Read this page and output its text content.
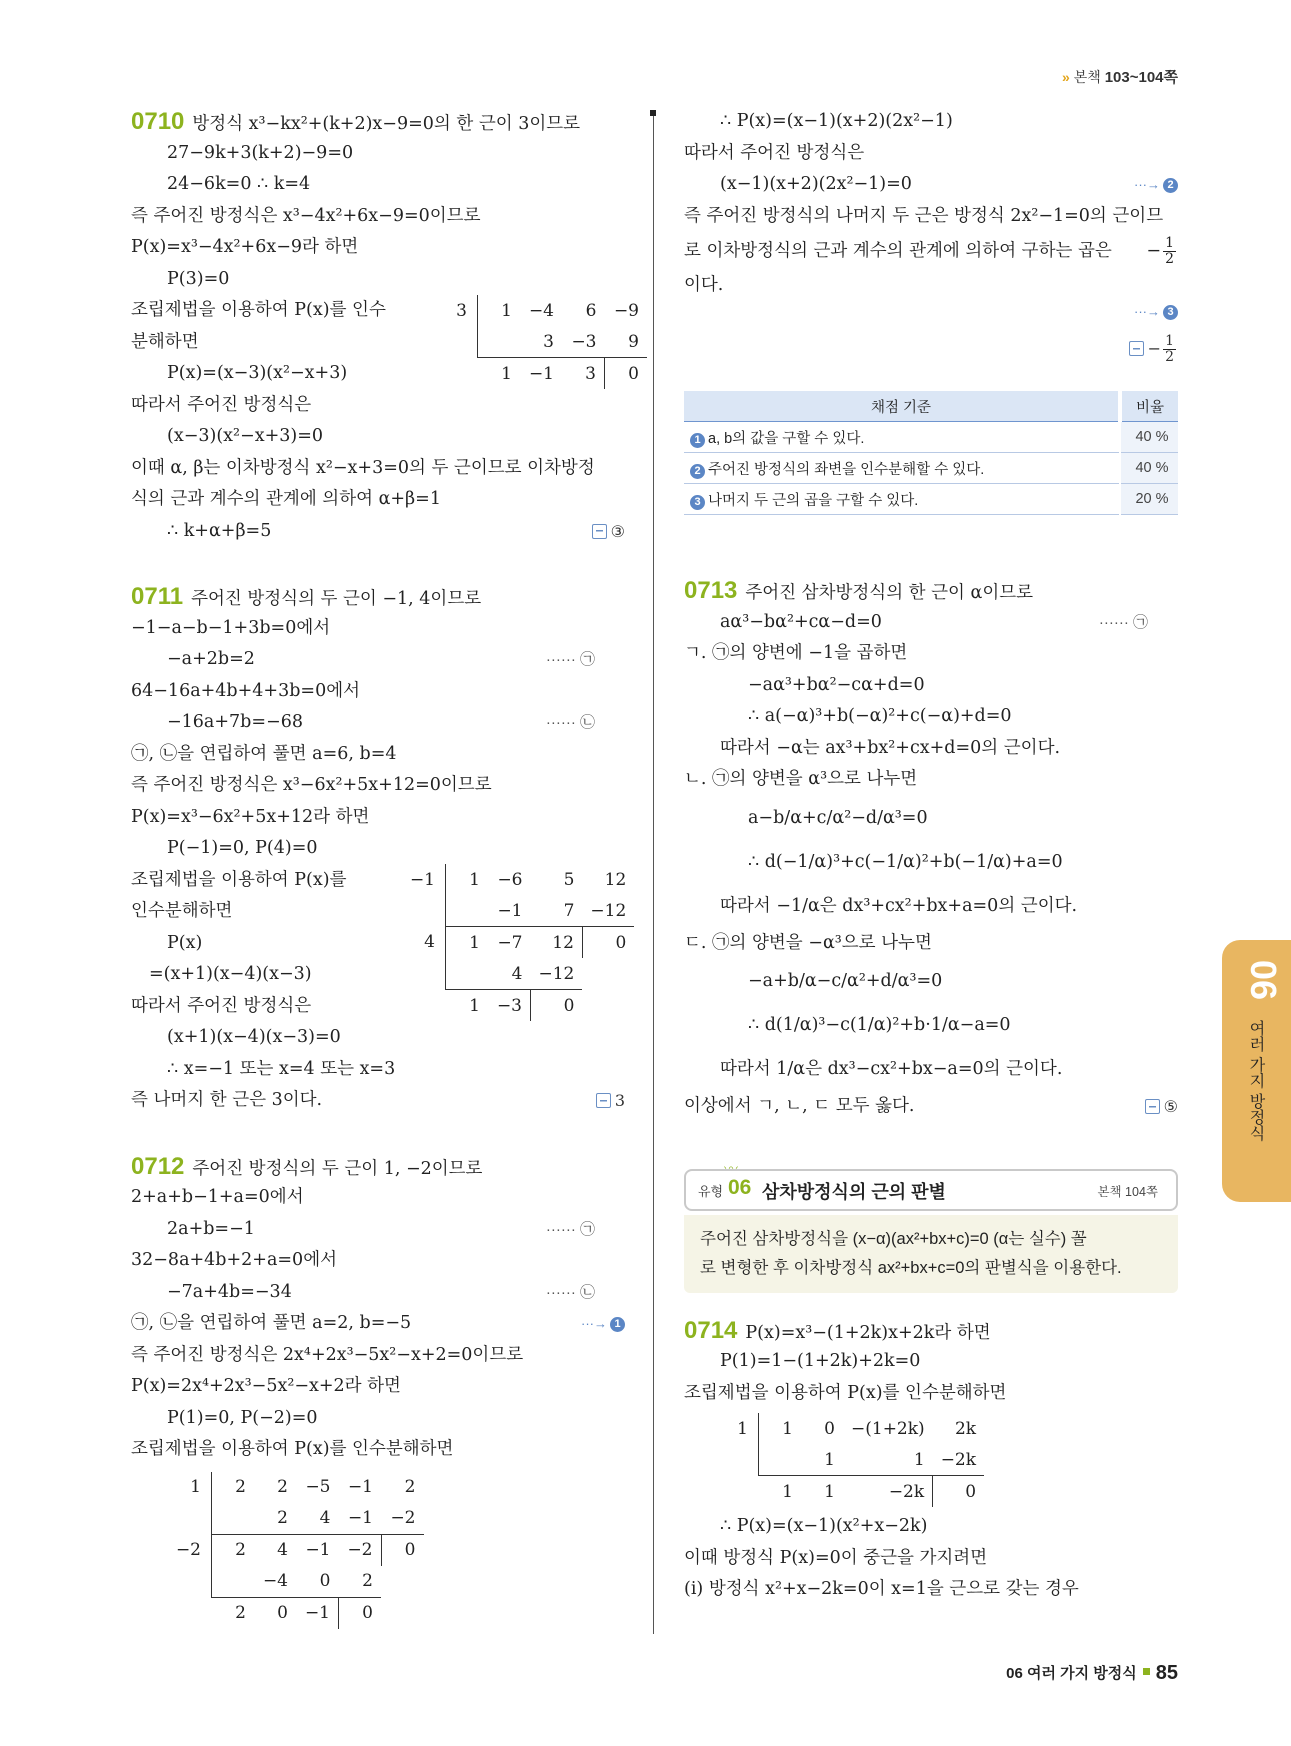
» 본책 103~104쪽
0710 방정식 x³−kx²+(k+2)x−9=0의 한 근이 3이므로
27−9k+3(k+2)−9=0
24−6k=0 ∴ k=4
즉 주어진 방정식은 x³−4x²+6x−9=0이므로
P(x)=x³−4x²+6x−9라 하면
P(3)=0
조립제법을 이용하여 P(x)를 인수
분해하면
P(x)=(x−3)(x²−x+3)
따라서 주어진 방정식은
(x−3)(x²−x+3)=0
이때 α, β는 이차방정식 x²−x+3=0의 두 근이므로 이차방정
식의 근과 계수의 관계에 의하여 α+β=1
∴ k+α+β=5	③
3	1	−4	6	−9
		3	−3	9
	1	−1	3	0
0711 주어진 방정식의 두 근이 −1, 4이므로
−1−a−b−1+3b=0에서
−a+2b=2	······ ㉠
64−16a+4b+4+3b=0에서
−16a+7b=−68	······ ㉡
㉠, ㉡을 연립하여 풀면 a=6, b=4
즉 주어진 방정식은 x³−6x²+5x+12=0이므로
P(x)=x³−6x²+5x+12라 하면
P(−1)=0, P(4)=0
조립제법을 이용하여 P(x)를
인수분해하면
P(x)
=(x+1)(x−4)(x−3)
따라서 주어진 방정식은
(x+1)(x−4)(x−3)=0
∴ x=−1 또는 x=4 또는 x=3
즉 나머지 한 근은 3이다.	3
−1	1	−6	5	12
		−1	7	−12
4	1	−7	12	0
		4	−12	
	1	−3	0	
0712 주어진 방정식의 두 근이 1, −2이므로
2+a+b−1+a=0에서
2a+b=−1	······ ㉠
32−8a+4b+2+a=0에서
−7a+4b=−34	······ ㉡
㉠, ㉡을 연립하여 풀면 a=2, b=−5	···→ 1
즉 주어진 방정식은 2x⁴+2x³−5x²−x+2=0이므로
P(x)=2x⁴+2x³−5x²−x+2라 하면
P(1)=0, P(−2)=0
조립제법을 이용하여 P(x)를 인수분해하면
1	2	2	−5	−1	2
		2	4	−1	−2
−2	2	4	−1	−2	0
		−4	0	2	
	2	0	−1	0	
∴ P(x)=(x−1)(x+2)(2x²−1)
따라서 주어진 방정식은
(x−1)(x+2)(2x²−1)=0	···→ 2
즉 주어진 방정식의 나머지 두 근은 방정식 2x²−1=0의 근이므
로 이차방정식의 근과 계수의 관계에 의하여 구하는 곱은 − $\frac{1}{2}$
이다.
···→ 3
− $\frac{1}{2}$
채점 기준	비율
1 a, b의 값을 구할 수 있다.	40 %
2 주어진 방정식의 좌변을 인수분해할 수 있다.	40 %
3 나머지 두 근의 곱을 구할 수 있다.	20 %
0713 주어진 삼차방정식의 한 근이 α이므로
aα³−bα²+cα−d=0	······ ㉠
ㄱ. ㉠의 양변에 −1을 곱하면
−aα³+bα²−cα+d=0
∴ a(−α)³+b(−α)²+c(−α)+d=0
따라서 −α는 ax³+bx²+cx+d=0의 근이다.
ㄴ. ㉠의 양변을 α³으로 나누면
a−b/α+c/α²−d/α³=0
∴ d(−1/α)³+c(−1/α)²+b(−1/α)+a=0
따라서 −1/α은 dx³+cx²+bx+a=0의 근이다.
ㄷ. ㉠의 양변을 −α³으로 나누면
−a+b/α−c/α²+d/α³=0
∴ d(1/α)³−c(1/α)²+b·1/α−a=0
따라서 1/α은 dx³−cx²+bx−a=0의 근이다.
이상에서 ㄱ, ㄴ, ㄷ 모두 옳다.	⑤
유형 06 삼차방정식의 근의 판별	본책 104쪽
주어진 삼차방정식을 (x−α)(ax²+bx+c)=0 (α는 실수) 꼴
로 변형한 후 이차방정식 ax²+bx+c=0의 판별식을 이용한다.
0714 P(x)=x³−(1+2k)x+2k라 하면
P(1)=1−(1+2k)+2k=0
조립제법을 이용하여 P(x)를 인수분해하면
1	1	0	−(1+2k)	2k
		1	1	−2k
	1	1	−2k	0
∴ P(x)=(x−1)(x²+x−2k)
이때 방정식 P(x)=0이 중근을 가지려면
(i) 방정식 x²+x−2k=0이 x=1을 근으로 갖는 경우
06
여러 가지 방정식
06 여러 가지 방정식 85
